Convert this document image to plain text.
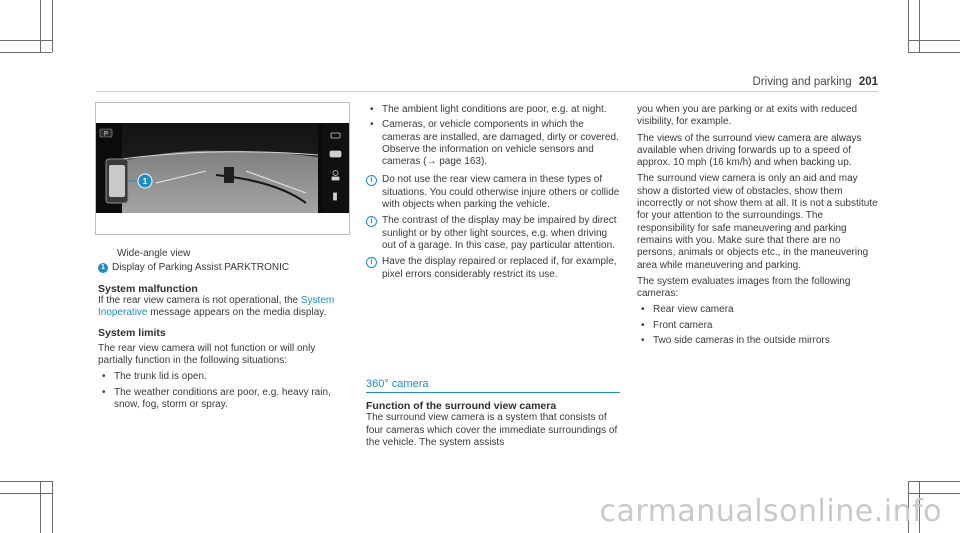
Driving and parking 201
1
P

Wide-angle view

1 Display of Parking Assist PARKTRONIC

System malfunction

If the rear view camera is not operational, the System Inoperative message appears on the media display.

System limits

The rear view camera will not function or will only partially function in the following situations:

• The trunk lid is open.
• The weather conditions are poor, e.g. heavy rain, snow, fog, storm or spray.
• The ambient light conditions are poor, e.g. at night.
• Cameras, or vehicle components in which the cameras are installed, are damaged, dirty or covered. Observe the information on vehicle sensors and cameras (→ page 163).
i Do not use the rear view camera in these types of situations. You could otherwise injure others or collide with objects when parking the vehicle.
i The contrast of the display may be impaired by direct sunlight or by other light sources, e.g. when driving out of a garage. In this case, pay particular attention.
i Have the display repaired or replaced if, for example, pixel errors considerably restrict its use.
360° camera
Function of the surround view camera

The surround view camera is a system that consists of four cameras which cover the immediate surroundings of the vehicle. The system assists

you when you are parking or at exits with reduced visibility, for example.

The views of the surround view camera are always available when driving forwards up to a speed of approx. 10 mph (16 km/h) and when backing up.

The surround view camera is only an aid and may show a distorted view of obstacles, show them incorrectly or not show them at all. It is not a substitute for your attention to the surroundings. The responsibility for safe maneuvering and parking remains with you. Make sure that there are no persons, animals or objects etc., in the maneuvering area while maneuvering and parking.

The system evaluates images from the following cameras:

• Rear view camera
• Front camera
• Two side cameras in the outside mirrors
carmanualsonline.info
